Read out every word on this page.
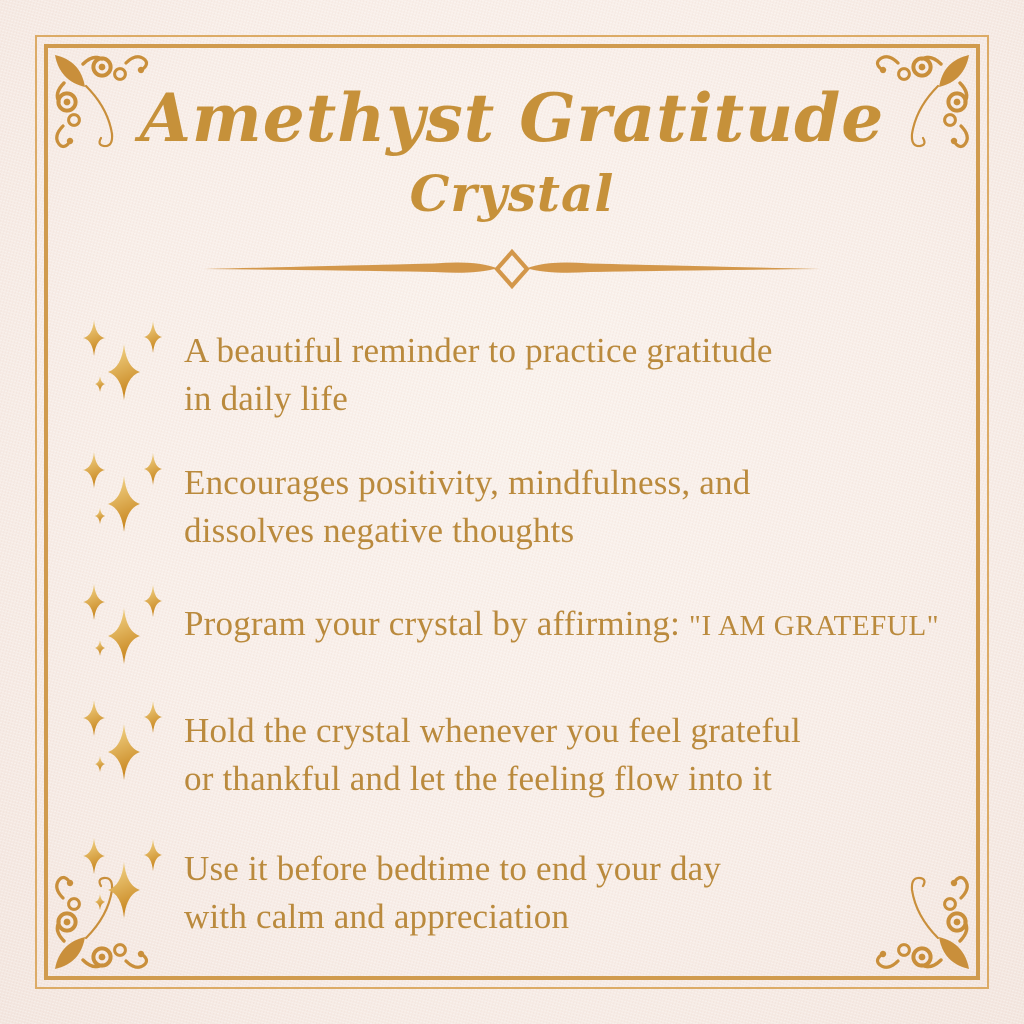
Amethyst Gratitude
Crystal
A beautiful reminder to practice gratitude
in daily life
Encourages positivity, mindfulness, and
dissolves negative thoughts
Program your crystal by affirming: "I AM GRATEFUL"
Hold the crystal whenever you feel grateful
or thankful and let the feeling flow into it
Use it before bedtime to end your day
with calm and appreciation
